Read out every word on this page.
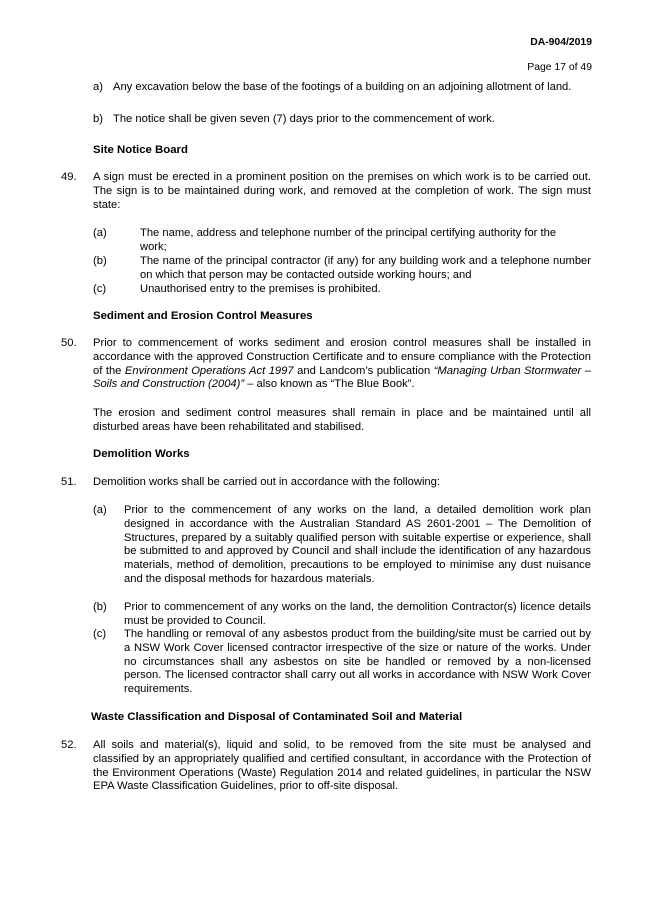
DA-904/2019
Page 17 of 49
a) Any excavation below the base of the footings of a building on an adjoining allotment of land.
b) The notice shall be given seven (7) days prior to the commencement of work.
Site Notice Board
49. A sign must be erected in a prominent position on the premises on which work is to be carried out. The sign is to be maintained during work, and removed at the completion of work. The sign must state:
(a)	The name, address and telephone number of the principal certifying authority for the work;
(b)	The name of the principal contractor (if any) for any building work and a telephone number on which that person may be contacted outside working hours; and
(c)	Unauthorised entry to the premises is prohibited.
Sediment and Erosion Control Measures
50. Prior to commencement of works sediment and erosion control measures shall be installed in accordance with the approved Construction Certificate and to ensure compliance with the Protection of the Environment Operations Act 1997 and Landcom’s publication “Managing Urban Stormwater – Soils and Construction (2004)” – also known as “The Blue Book”.
The erosion and sediment control measures shall remain in place and be maintained until all disturbed areas have been rehabilitated and stabilised.
Demolition Works
51. Demolition works shall be carried out in accordance with the following:
(a) Prior to the commencement of any works on the land, a detailed demolition work plan designed in accordance with the Australian Standard AS 2601-2001 – The Demolition of Structures, prepared by a suitably qualified person with suitable expertise or experience, shall be submitted to and approved by Council and shall include the identification of any hazardous materials, method of demolition, precautions to be employed to minimise any dust nuisance and the disposal methods for hazardous materials.
(b) Prior to commencement of any works on the land, the demolition Contractor(s) licence details must be provided to Council.
(c) The handling or removal of any asbestos product from the building/site must be carried out by a NSW Work Cover licensed contractor irrespective of the size or nature of the works. Under no circumstances shall any asbestos on site be handled or removed by a non-licensed person. The licensed contractor shall carry out all works in accordance with NSW Work Cover requirements.
Waste Classification and Disposal of Contaminated Soil and Material
52. All soils and material(s), liquid and solid, to be removed from the site must be analysed and classified by an appropriately qualified and certified consultant, in accordance with the Protection of the Environment Operations (Waste) Regulation 2014 and related guidelines, in particular the NSW EPA Waste Classification Guidelines, prior to off-site disposal.
